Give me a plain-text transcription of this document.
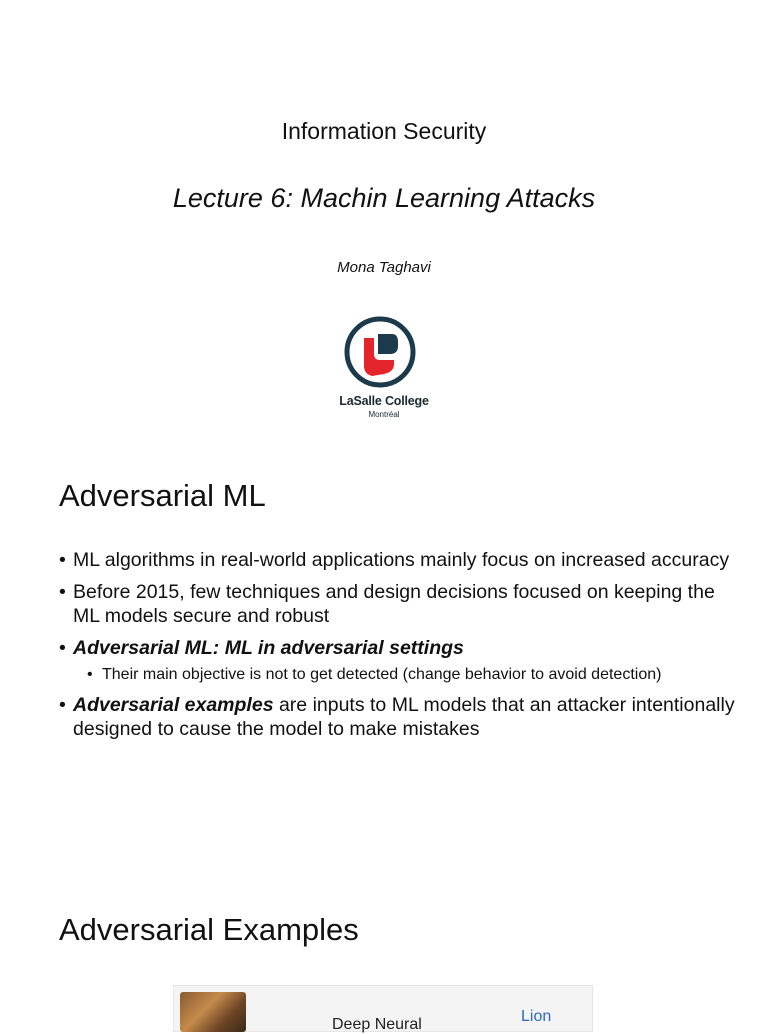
Information Security
Lecture 6: Machin Learning Attacks
Mona Taghavi
LaSalle College
Montréal
Adversarial ML
• ML algorithms in real-world applications mainly focus on increased accuracy
• Before 2015, few techniques and design decisions focused on keeping the ML models secure and robust
• Adversarial ML: ML in adversarial settings
• Their main objective is not to get detected (change behavior to avoid detection)
• Adversarial examples are inputs to ML models that an attacker intentionally designed to cause the model to make mistakes
Adversarial Examples
Deep Neural	Lion
